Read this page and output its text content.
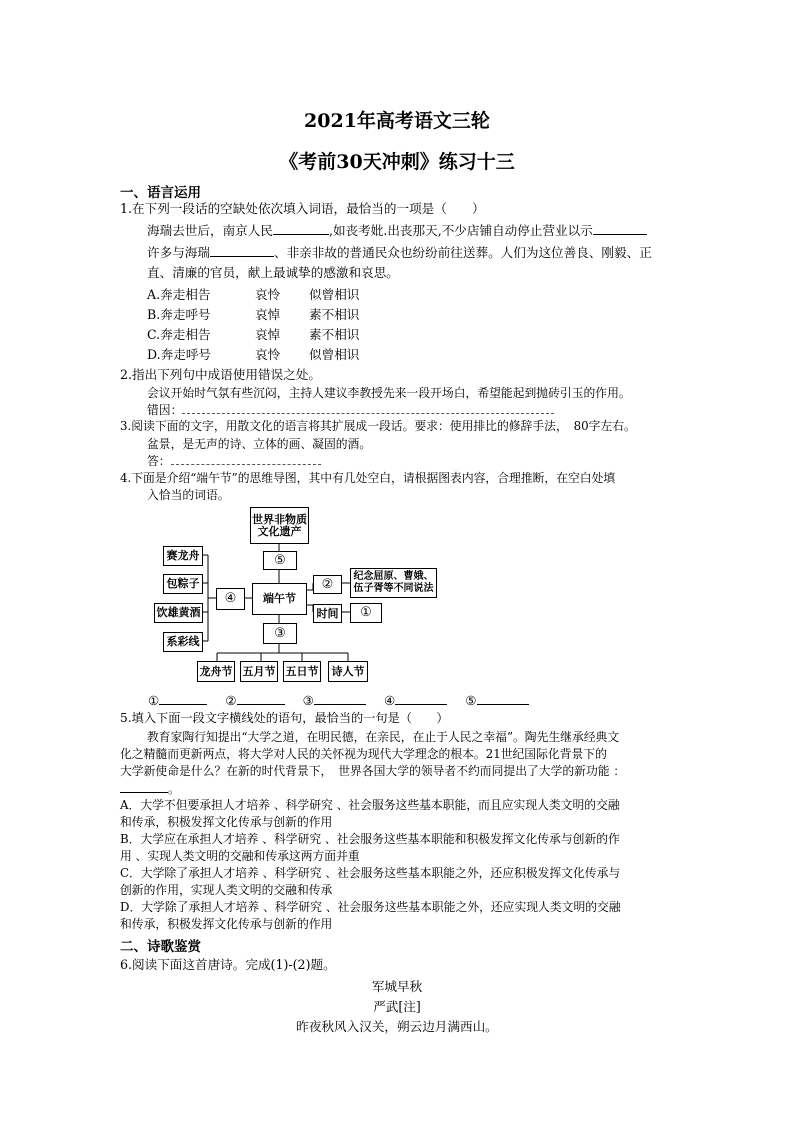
2021年高考语文三轮
《考前30天冲刺》练习十三
一、语言运用
1.在下列一段话的空缺处依次填入词语，最恰当的一项是（　　）
海瑞去世后，南京人民	,如丧考妣.出丧那天,不少店铺自动停止营业以示
许多与海瑞	、非亲非故的普通民众也纷纷前往送葬。人们为这位善良、刚毅、正
直、清廉的官员，献上最诚挚的感激和哀思。
A.奔走相告	哀怜 似曾相识
B.奔走呼号	哀悼 素不相识
C.奔走相告	哀悼 素不相识
D.奔走呼号	哀怜 似曾相识
2.指出下列句中成语使用错误之处。
会议开始时气氛有些沉闷，主持人建议李教授先来一段开场白，希望能起到抛砖引玉的作用。
错因：
3.阅读下面的文字，用散文化的语言将其扩展成一段话。要求：使用排比的修辞手法，　80字左右。
盆景，是无声的诗、立体的画、凝固的酒。
答：
4.下面是介绍“端午节”的思维导图，其中有几处空白，请根据图表内容，合理推断，在空白处填
入恰当的词语。
世界非物质文化遗产
⑤
端午节
③
④
②	纪念屈原、曹娥、伍子胥等不同说法
时间	①
赛龙舟
包粽子
饮雄黄酒
系彩线
龙舟节 五月节 五日节	诗人节
①	②	③	④	⑤
5.填入下面一段文字横线处的语句，最恰当的一句是（　　）
教育家陶行知提出“大学之道，在明民德，在亲民，在止于人民之幸福”。陶先生继承经典文
化之精髓而更新两点，将大学对人民的关怀视为现代大学理念的根本。21世纪国际化背景下的
大学新使命是什么？在新的时代背景下，　世界各国大学的领导者不约而同提出了大学的新功能 ：
。
A．大学不但要承担人才培养 、科学研究 、社会服务这些基本职能，而且应实现人类文明的交融
和传承，积极发挥文化传承与创新的作用
B．大学应在承担人才培养 、科学研究 、社会服务这些基本职能和积极发挥文化传承与创新的作
用 、实现人类文明的交融和传承这两方面并重
C．大学除了承担人才培养 、科学研究 、社会服务这些基本职能之外，还应积极发挥文化传承与
创新的作用，实现人类文明的交融和传承
D．大学除了承担人才培养 、科学研究 、社会服务这些基本职能之外，还应实现人类文明的交融
和传承，积极发挥文化传承与创新的作用
二、诗歌鉴赏
6.阅读下面这首唐诗。完成(1)-(2)题。
军城早秋
严武[注]
昨夜秋风入汉关，朔云边月满西山。
